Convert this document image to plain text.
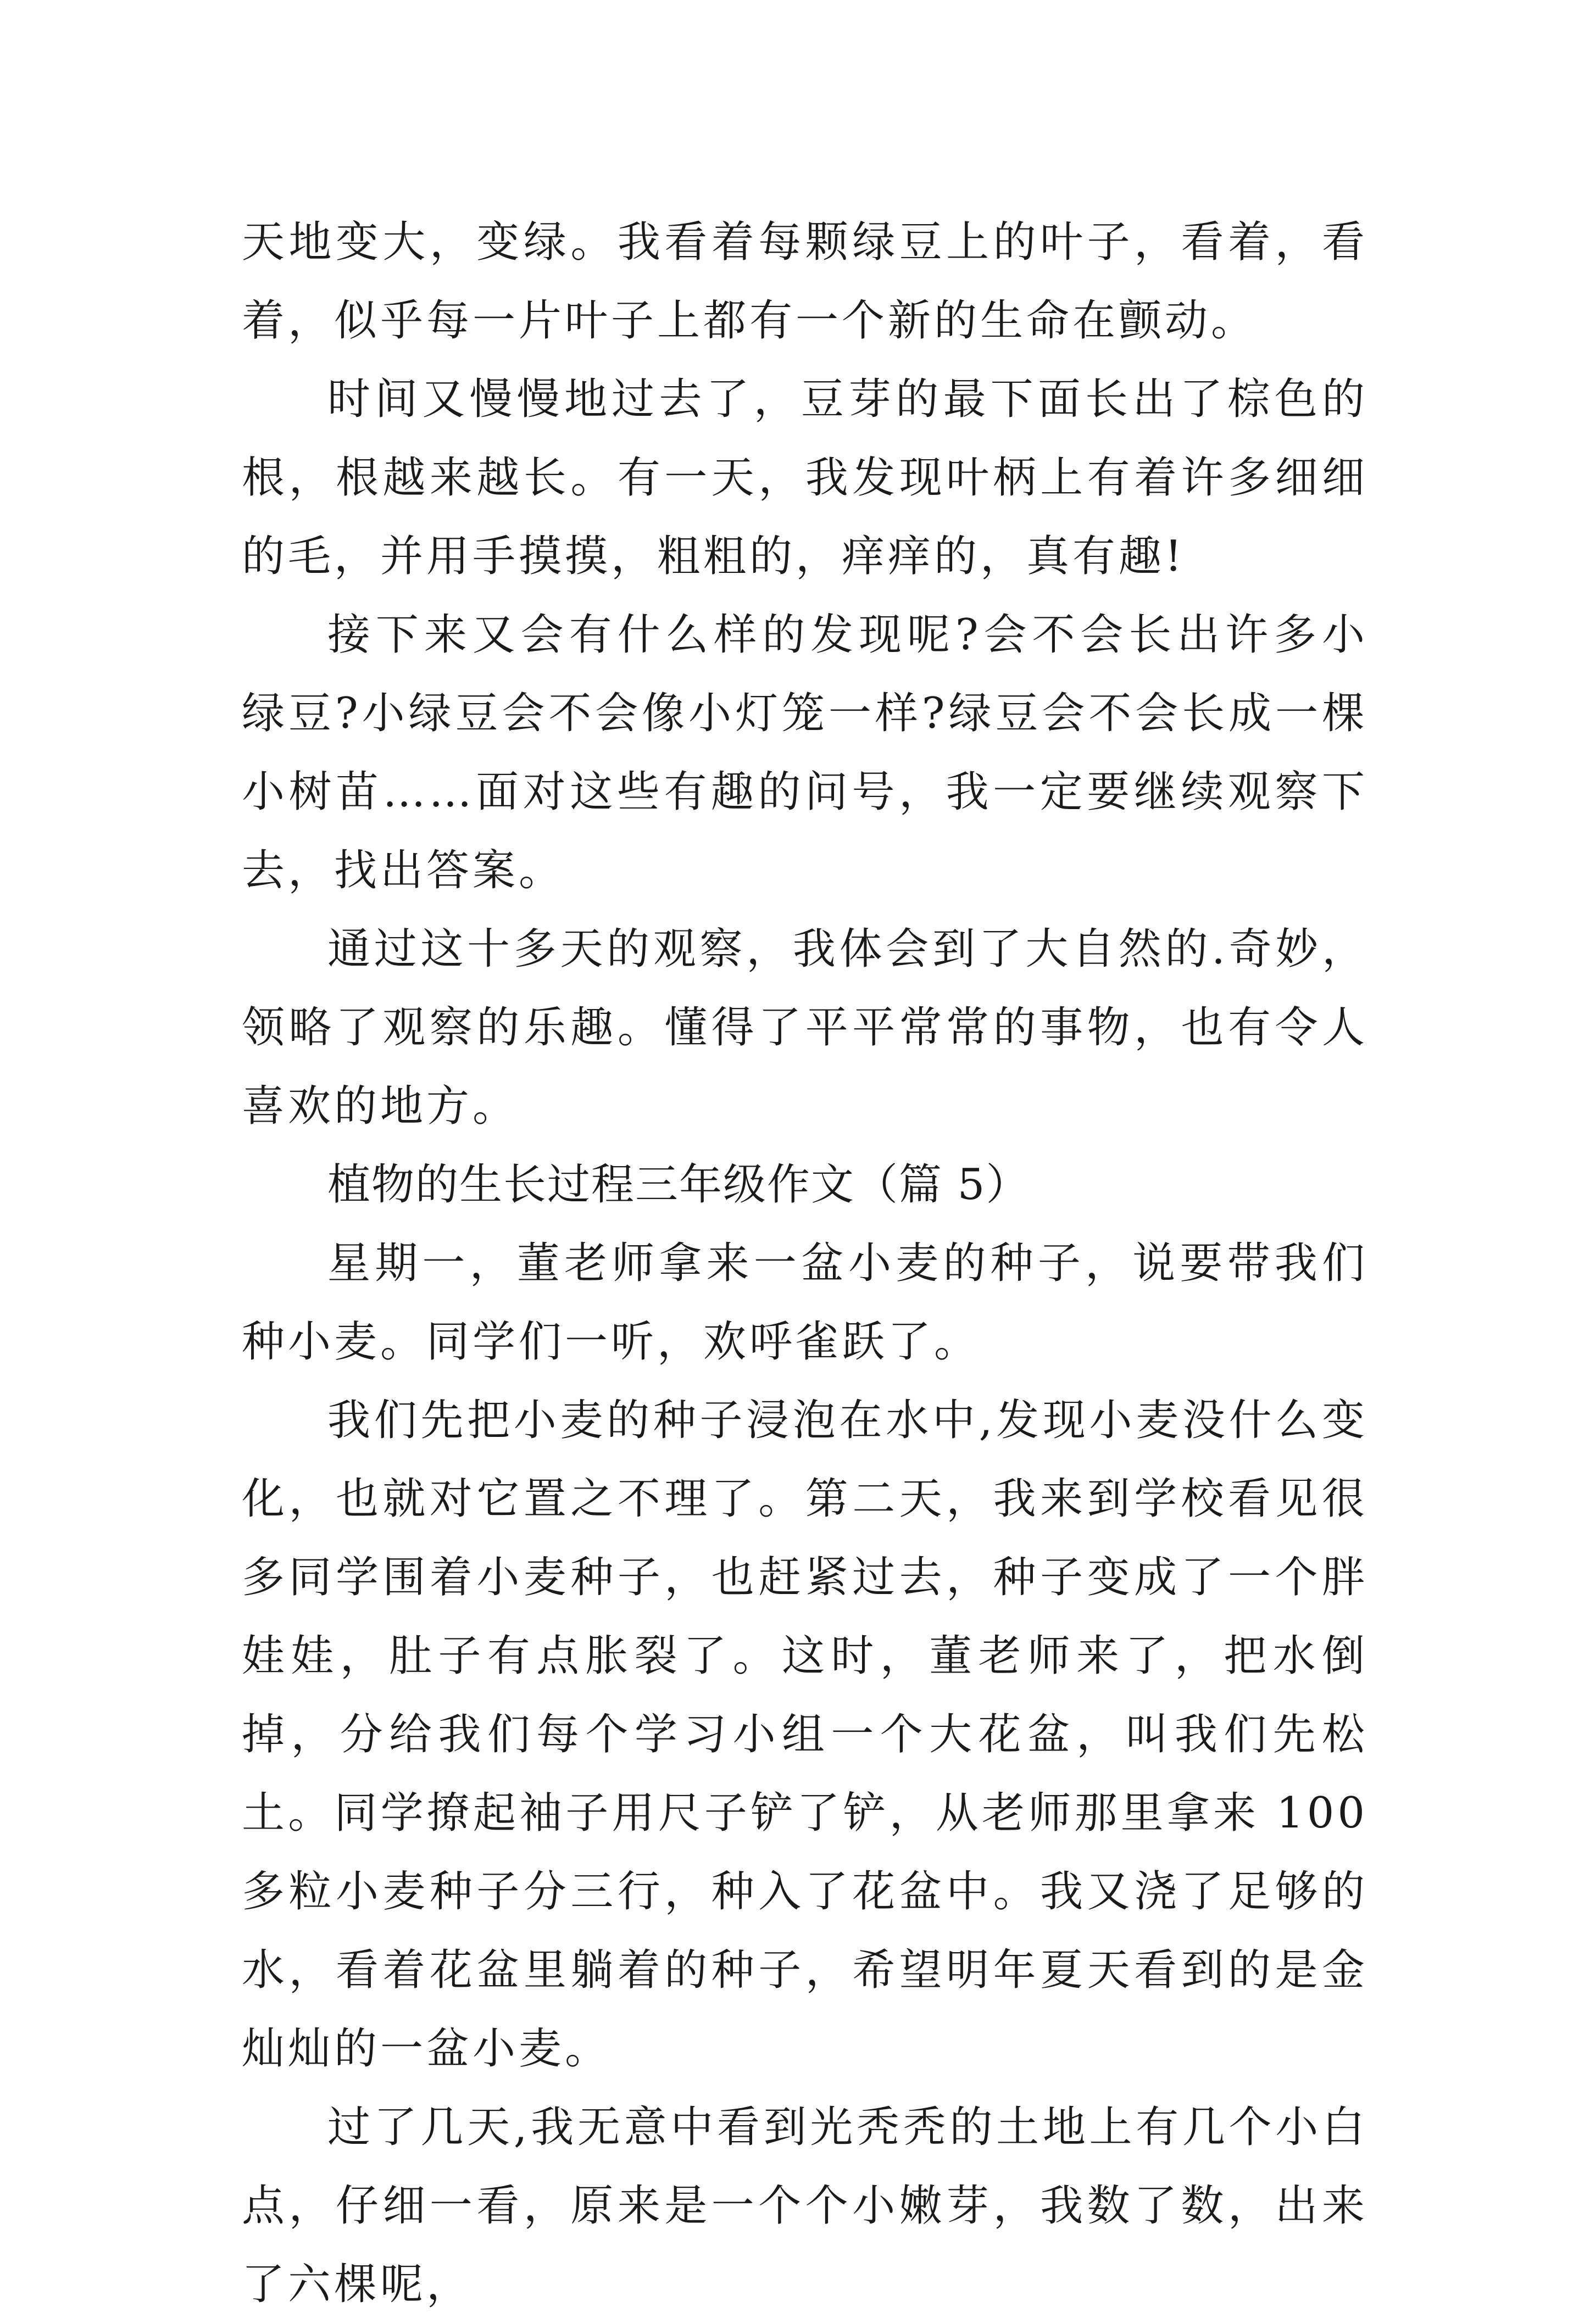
天地变大，变绿。我看着每颗绿豆上的叶子，看着，看着，似乎每一片叶子上都有一个新的生命在颤动。

时间又慢慢地过去了，豆芽的最下面长出了棕色的根，根越来越长。有一天，我发现叶柄上有着许多细细的毛，并用手摸摸，粗粗的，痒痒的，真有趣!

接下来又会有什么样的发现呢?会不会长出许多小绿豆?小绿豆会不会像小灯笼一样?绿豆会不会长成一棵小树苗……面对这些有趣的问号，我一定要继续观察下去，找出答案。

通过这十多天的观察，我体会到了大自然的.奇妙，领略了观察的乐趣。懂得了平平常常的事物，也有令人喜欢的地方。

植物的生长过程三年级作文（篇 5）

星期一，董老师拿来一盆小麦的种子，说要带我们种小麦。同学们一听，欢呼雀跃了。

我们先把小麦的种子浸泡在水中,发现小麦没什么变化，也就对它置之不理了。第二天，我来到学校看见很多同学围着小麦种子，也赶紧过去，种子变成了一个胖娃娃，肚子有点胀裂了。这时，董老师来了，把水倒掉，分给我们每个学习小组一个大花盆，叫我们先松土。同学撩起袖子用尺子铲了铲，从老师那里拿来 100 多粒小麦种子分三行，种入了花盆中。我又浇了足够的水，看着花盆里躺着的种子，希望明年夏天看到的是金灿灿的一盆小麦。

过了几天,我无意中看到光秃秃的土地上有几个小白点，仔细一看，原来是一个个小嫩芽，我数了数，出来了六棵呢，
